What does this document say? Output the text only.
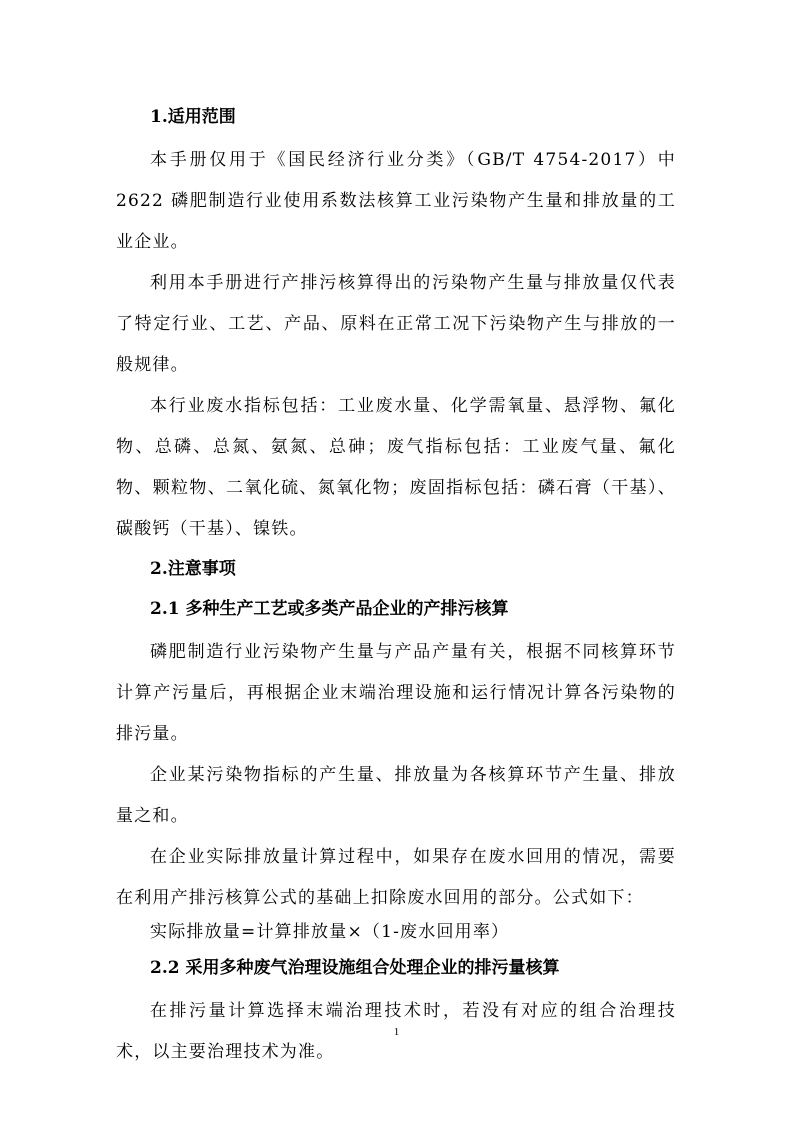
1.适用范围

本手册仅用于《国民经济行业分类》（GB/T 4754-2017）中 2622 磷肥制造行业使用系数法核算工业污染物产生量和排放量的工业企业。

利用本手册进行产排污核算得出的污染物产生量与排放量仅代表了特定行业、工艺、产品、原料在正常工况下污染物产生与排放的一般规律。

本行业废水指标包括：工业废水量、化学需氧量、悬浮物、氟化物、总磷、总氮、氨氮、总砷；废气指标包括：工业废气量、氟化物、颗粒物、二氧化硫、氮氧化物；废固指标包括：磷石膏（干基）、碳酸钙（干基）、镍铁。

2.注意事项
2.1 多种生产工艺或多类产品企业的产排污核算

磷肥制造行业污染物产生量与产品产量有关，根据不同核算环节计算产污量后，再根据企业末端治理设施和运行情况计算各污染物的排污量。

企业某污染物指标的产生量、排放量为各核算环节产生量、排放量之和。

在企业实际排放量计算过程中，如果存在废水回用的情况，需要在利用产排污核算公式的基础上扣除废水回用的部分。公式如下：

实际排放量=计算排放量×（1-废水回用率）

2.2 采用多种废气治理设施组合处理企业的排污量核算

在排污量计算选择末端治理技术时，若没有对应的组合治理技术，以主要治理技术为准。

1
